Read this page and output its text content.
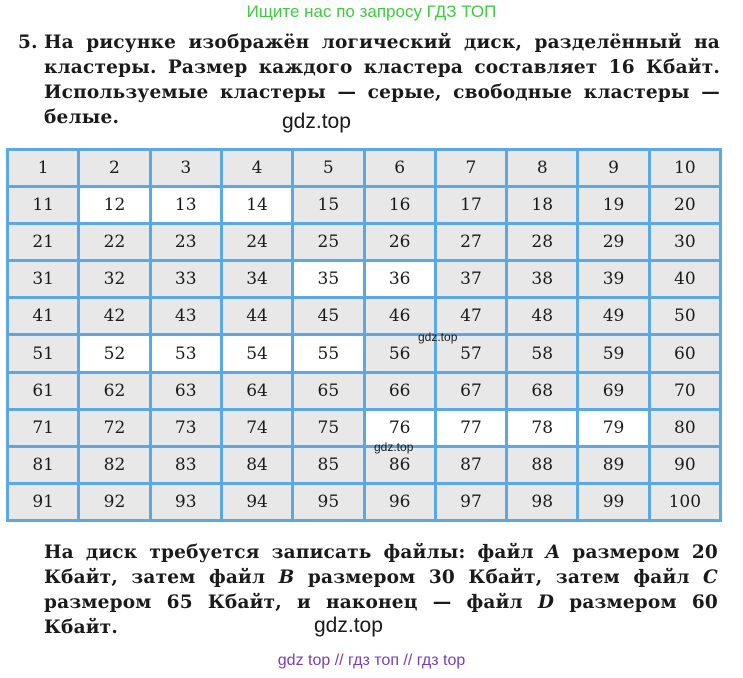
Ищите нас по запросу ГДЗ ТОП
5. На рисунке изображён логический диск, разделённый на кластеры. Размер каждого кластера составляет 16 Кбайт. Используемые кластеры — серые, свободные кластеры — белые.	gdz.top
1	2	3	4	5	6	7	8	9	10
11	12	13	14	15	16	17	18	19	20
21	22	23	24	25	26	27	28	29	30
31	32	33	34	35	36	37	38	39	40
41	42	43	44	45	46	47	48	49	50
51	52	53	54	55	56	57	58	59	60
61	62	63	64	65	66	67	68	69	70
71	72	73	74	75	76	77	78	79	80
81	82	83	84	85	86	87	88	89	90
91	92	93	94	95	96	97	98	99	100
gdz.top
gdz.top
На диск требуется записать файлы: файл A размером 20 Кбайт, затем файл B размером 30 Кбайт, затем файл C размером 65 Кбайт, и наконец — файл D размером 60 Кбайт.	gdz.top
gdz top // гдз топ // гдз top
